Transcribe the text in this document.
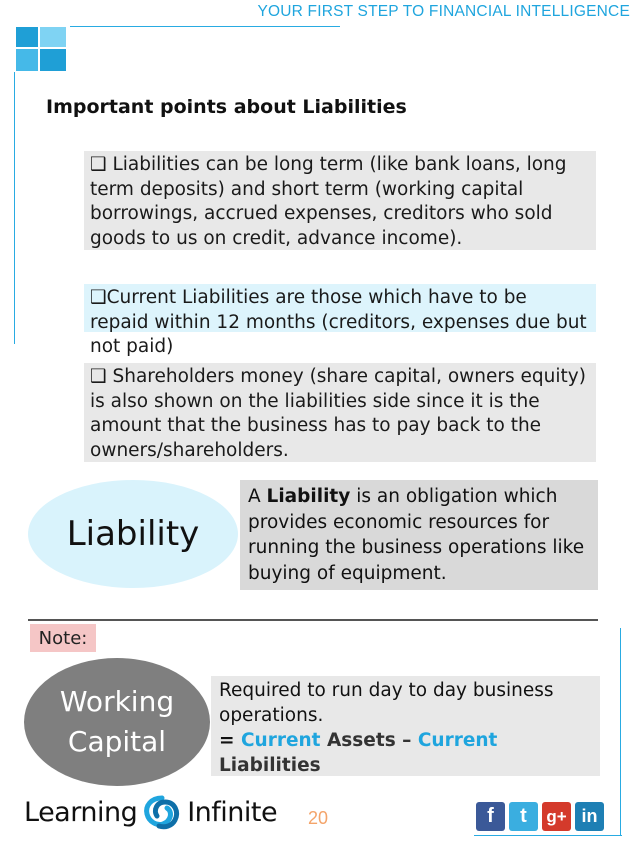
YOUR FIRST STEP TO FINANCIAL INTELLIGENCE
Important points about Liabilities
❑ Liabilities can be long term (like bank loans, long term deposits) and short term (working capital borrowings, accrued expenses, creditors who sold goods to us on credit, advance income).
❑Current Liabilities are those which have to be repaid within 12 months (creditors, expenses due but not paid)
❑ Shareholders money (share capital, owners equity) is also shown on the liabilities side since it is the amount that the business has to pay back to the owners/shareholders.
Liability
A Liability is an obligation which provides economic resources for running the business operations like buying of equipment.
Note:
Working
Capital
Required to run day to day business operations.
= Current Assets – Current
Liabilities
Learning Infinite 20	f	t	g+ in
